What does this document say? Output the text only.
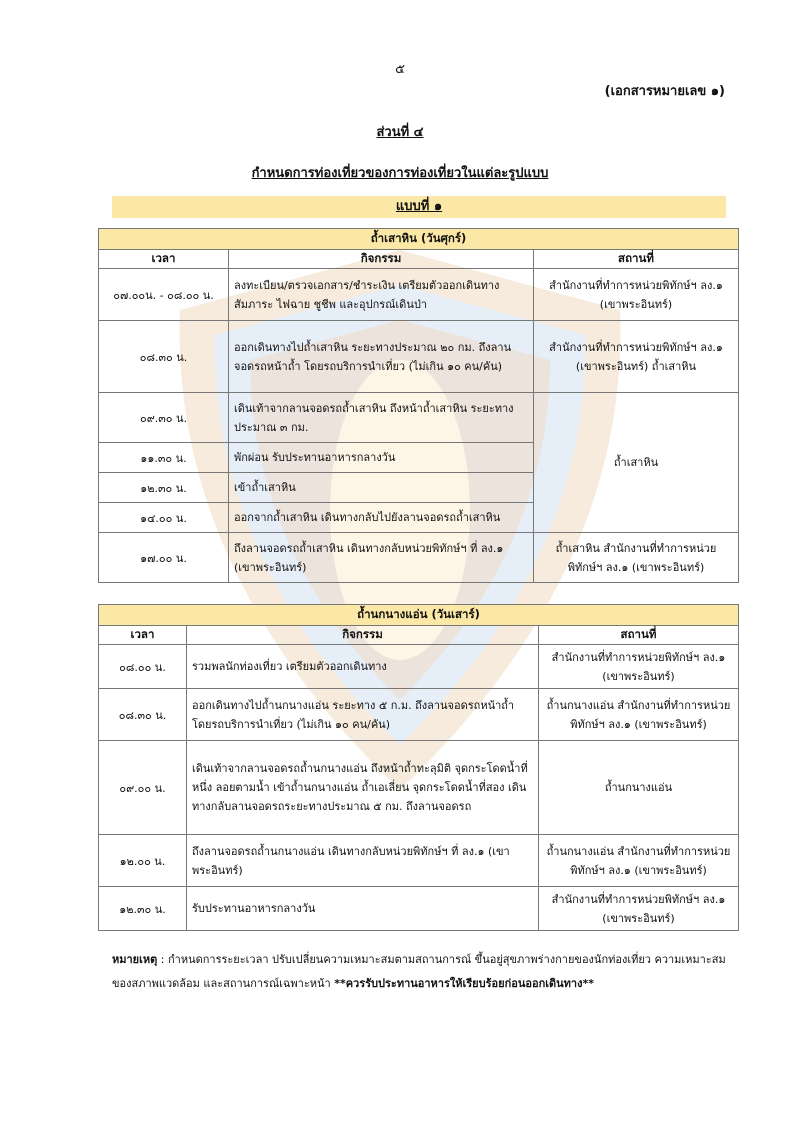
๕
(เอกสารหมายเลข ๑)
ส่วนที่ ๔
กำหนดการท่องเที่ยวของการท่องเที่ยวในแต่ละรูปแบบ
แบบที่ ๑
ถ้ำเสาหิน (วันศุกร์)		
เวลา	กิจกรรม	สถานที่
๐๗.๐๐น. - ๐๘.๐๐ น.	ลงทะเบียน/ตรวจเอกสาร/ชำระเงิน เตรียมตัวออกเดินทาง สัมภาระ ไฟฉาย ชูชีพ และอุปกรณ์เดินป่า	สำนักงานที่ทำการหน่วยพิทักษ์ฯ ลง.๑ (เขาพระอินทร์)
๐๘.๓๐ น.	ออกเดินทางไปถ้ำเสาหิน ระยะทางประมาณ ๒๐ กม. ถึงลานจอดรถหน้าถ้ำ โดยรถบริการนำเที่ยว (ไม่เกิน ๑๐ คน/คัน)	สำนักงานที่ทำการหน่วยพิทักษ์ฯ ลง.๑ (เขาพระอินทร์) ถ้ำเสาหิน
๐๙.๓๐ น.	เดินเท้าจากลานจอดรถถ้ำเสาหิน ถึงหน้าถ้ำเสาหิน ระยะทาง ประมาณ ๓ กม.	ถ้ำเสาหิน
๑๑.๓๐ น.	พักผ่อน รับประทานอาหารกลางวัน	
๑๒.๓๐ น.	เข้าถ้ำเสาหิน	
๑๔.๐๐ น.	ออกจากถ้ำเสาหิน เดินทางกลับไปยังลานจอดรถถ้ำเสาหิน	
๑๗.๐๐ น.	ถึงลานจอดรถถ้ำเสาหิน เดินทางกลับหน่วยพิทักษ์ฯ ที่ ลง.๑ (เขาพระอินทร์)	ถ้ำเสาหิน สำนักงานที่ทำการหน่วยพิทักษ์ฯ ลง.๑ (เขาพระอินทร์)
ถ้ำนกนางแอ่น (วันเสาร์)		
เวลา	กิจกรรม	สถานที่
๐๘.๐๐ น.	รวมพลนักท่องเที่ยว เตรียมตัวออกเดินทาง	สำนักงานที่ทำการหน่วยพิทักษ์ฯ ลง.๑ (เขาพระอินทร์)
๐๘.๓๐ น.	ออกเดินทางไปถ้ำนกนางแอ่น ระยะทาง ๕ ก.ม. ถึงลานจอดรถหน้าถ้ำ โดยรถบริการนำเที่ยว (ไม่เกิน ๑๐ คน/คัน)	ถ้ำนกนางแอ่น สำนักงานที่ทำการหน่วยพิทักษ์ฯ ลง.๑ (เขาพระอินทร์)
๐๙.๐๐ น.	เดินเท้าจากลานจอดรถถ้ำนกนางแอ่น ถึงหน้าถ้ำทะลุมิติ จุดกระโดดน้ำที่หนึ่ง ลอยตามน้ำ เข้าถ้ำนกนางแอ่น ถ้ำเอเลี่ยน จุดกระโดดน้ำที่สอง เดินทางกลับลานจอดรถระยะทางประมาณ ๕ กม. ถึงลานจอดรถ	ถ้ำนกนางแอ่น
๑๒.๐๐ น.	ถึงลานจอดรถถ้ำนกนางแอ่น เดินทางกลับหน่วยพิทักษ์ฯ ที่ ลง.๑ (เขาพระอินทร์)	ถ้ำนกนางแอ่น สำนักงานที่ทำการหน่วยพิทักษ์ฯ ลง.๑ (เขาพระอินทร์)
๑๒.๓๐ น.	รับประทานอาหารกลางวัน	สำนักงานที่ทำการหน่วยพิทักษ์ฯ ลง.๑ (เขาพระอินทร์)
หมายเหตุ : กำหนดการระยะเวลา ปรับเปลี่ยนความเหมาะสมตามสถานการณ์ ขึ้นอยู่สุขภาพร่างกายของนักท่องเที่ยว ความเหมาะสมของสภาพแวดล้อม และสถานการณ์เฉพาะหน้า **ควรรับประทานอาหารให้เรียบร้อยก่อนออกเดินทาง**
